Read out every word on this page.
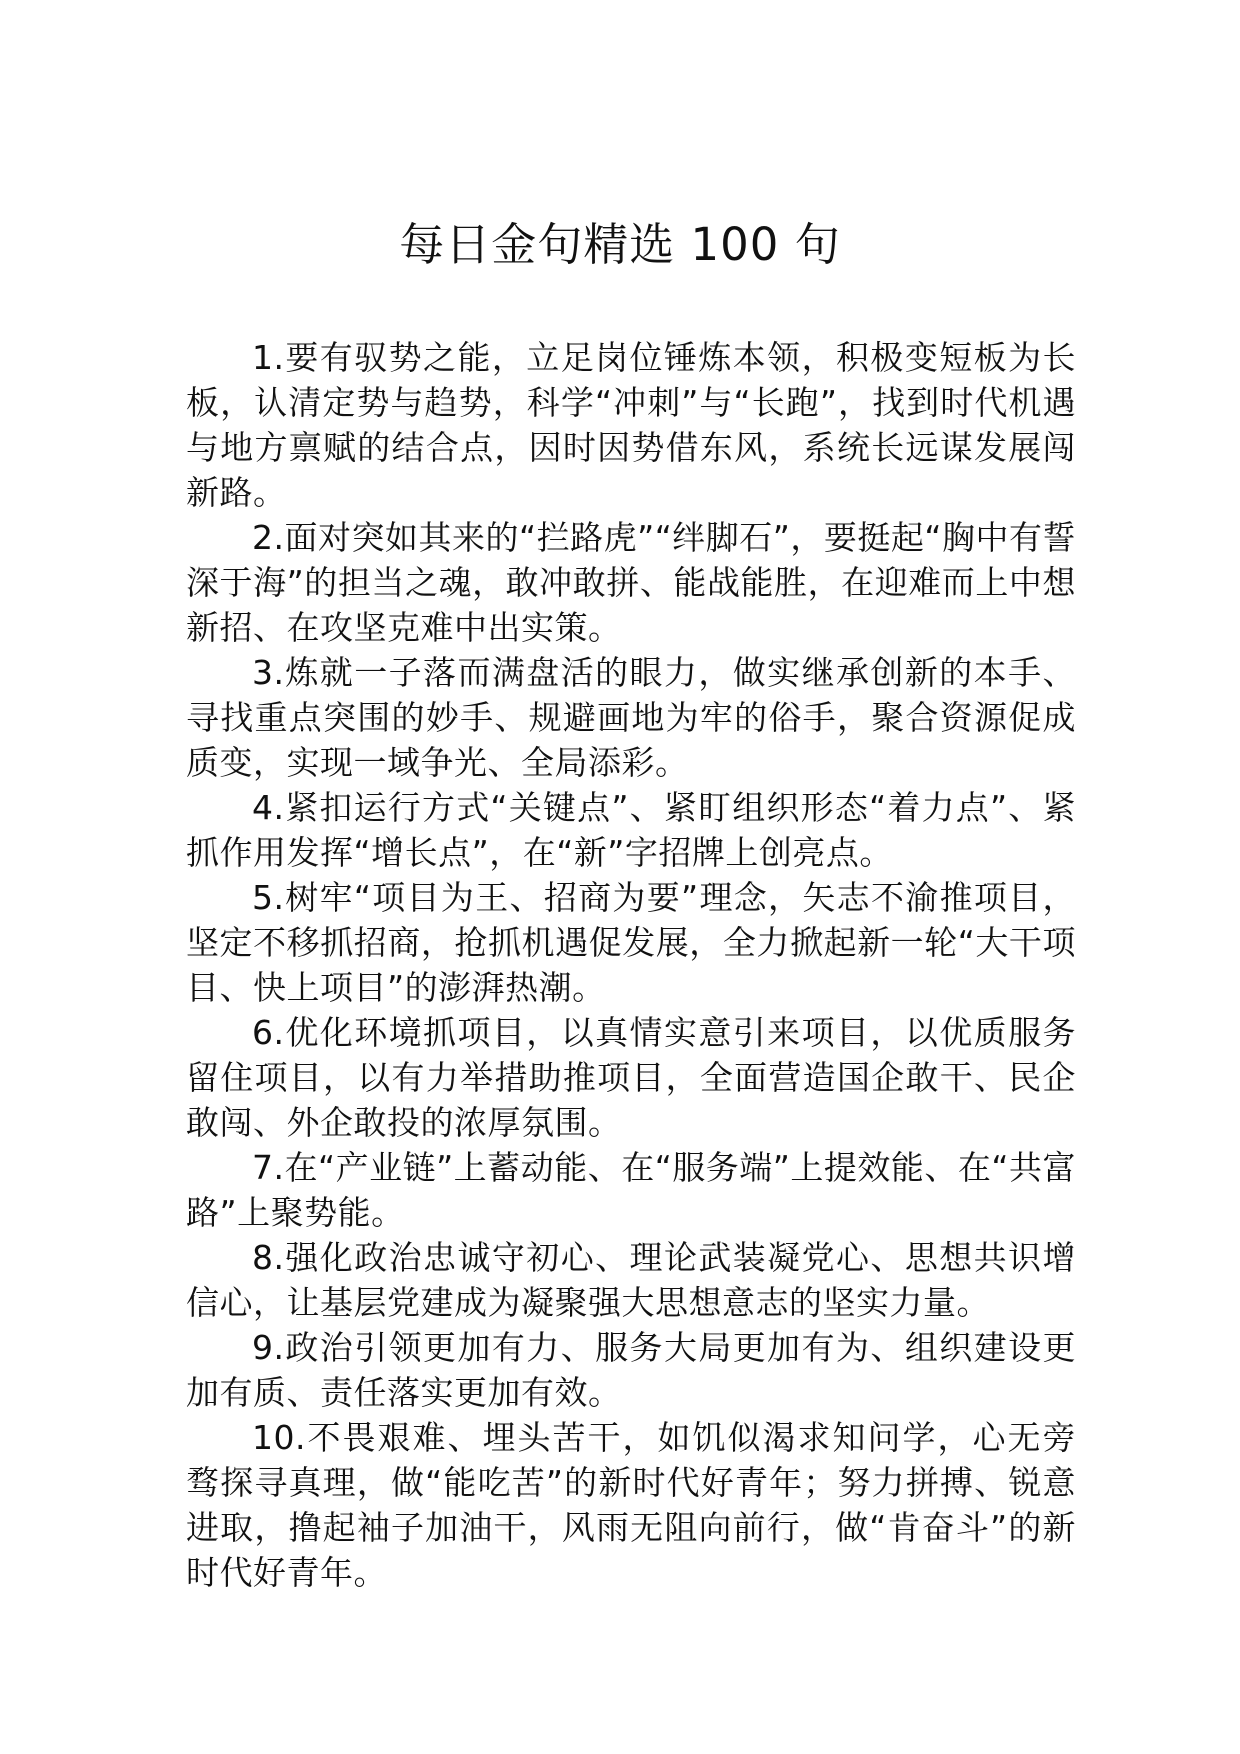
每日金句精选 100 句

1.要有驭势之能，立足岗位锤炼本领，积极变短板为长板，认清定势与趋势，科学“冲刺”与“长跑”，找到时代机遇与地方禀赋的结合点，因时因势借东风，系统长远谋发展闯新路。

2.面对突如其来的“拦路虎”“绊脚石”，要挺起“胸中有誓深于海”的担当之魂，敢冲敢拼、能战能胜，在迎难而上中想新招、在攻坚克难中出实策。

3.炼就一子落而满盘活的眼力，做实继承创新的本手、寻找重点突围的妙手、规避画地为牢的俗手，聚合资源促成质变，实现一域争光、全局添彩。

4.紧扣运行方式“关键点”、紧盯组织形态“着力点”、紧抓作用发挥“增长点”，在“新”字招牌上创亮点。

5.树牢“项目为王、招商为要”理念，矢志不渝推项目，坚定不移抓招商，抢抓机遇促发展，全力掀起新一轮“大干项目、快上项目”的澎湃热潮。

6.优化环境抓项目，以真情实意引来项目，以优质服务留住项目，以有力举措助推项目，全面营造国企敢干、民企敢闯、外企敢投的浓厚氛围。

7.在“产业链”上蓄动能、在“服务端”上提效能、在“共富路”上聚势能。

8.强化政治忠诚守初心、理论武装凝党心、思想共识增信心，让基层党建成为凝聚强大思想意志的坚实力量。

9.政治引领更加有力、服务大局更加有为、组织建设更加有质、责任落实更加有效。

10.不畏艰难、埋头苦干，如饥似渴求知问学，心无旁骛探寻真理，做“能吃苦”的新时代好青年；努力拼搏、锐意进取，撸起袖子加油干，风雨无阻向前行，做“肯奋斗”的新时代好青年。
